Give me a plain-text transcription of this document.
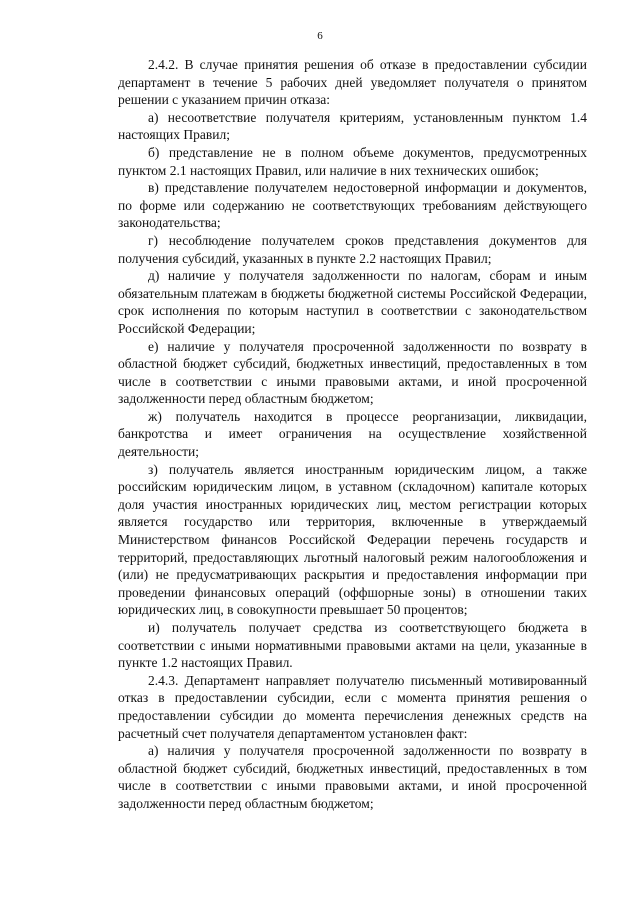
6

2.4.2. В случае принятия решения об отказе в предоставлении субсидии департамент в течение 5 рабочих дней уведомляет получателя о принятом решении с указанием причин отказа:

а) несоответствие получателя критериям, установленным пунктом 1.4 настоящих Правил;

б) представление не в полном объеме документов, предусмотренных пунктом 2.1 настоящих Правил, или наличие в них технических ошибок;

в) представление получателем недостоверной информации и документов, по форме или содержанию не соответствующих требованиям действующего законодательства;

г) несоблюдение получателем сроков представления документов для получения субсидий, указанных в пункте 2.2 настоящих Правил;

д) наличие у получателя задолженности по налогам, сборам и иным обязательным платежам в бюджеты бюджетной системы Российской Федерации, срок исполнения по которым наступил в соответствии с законодательством Российской Федерации;

е) наличие у получателя просроченной задолженности по возврату в областной бюджет субсидий, бюджетных инвестиций, предоставленных в том числе в соответствии с иными правовыми актами, и иной просроченной задолженности перед областным бюджетом;

ж) получатель находится в процессе реорганизации, ликвидации, банкротства и имеет ограничения на осуществление хозяйственной деятельности;

з) получатель является иностранным юридическим лицом, а также российским юридическим лицом, в уставном (складочном) капитале которых доля участия иностранных юридических лиц, местом регистрации которых является государство или территория, включенные в утверждаемый Министерством финансов Российской Федерации перечень государств и территорий, предоставляющих льготный налоговый режим налогообложения и (или) не предусматривающих раскрытия и предоставления информации при проведении финансовых операций (оффшорные зоны) в отношении таких юридических лиц, в совокупности превышает 50 процентов;

и) получатель получает средства из соответствующего бюджета в соответствии с иными нормативными правовыми актами на цели, указанные в пункте 1.2 настоящих Правил.

2.4.3. Департамент направляет получателю письменный мотивированный отказ в предоставлении субсидии, если с момента принятия решения о предоставлении субсидии до момента перечисления денежных средств на расчетный счет получателя департаментом установлен факт:

а) наличия у получателя просроченной задолженности по возврату в областной бюджет субсидий, бюджетных инвестиций, предоставленных в том числе в соответствии с иными правовыми актами, и иной просроченной задолженности перед областным бюджетом;
